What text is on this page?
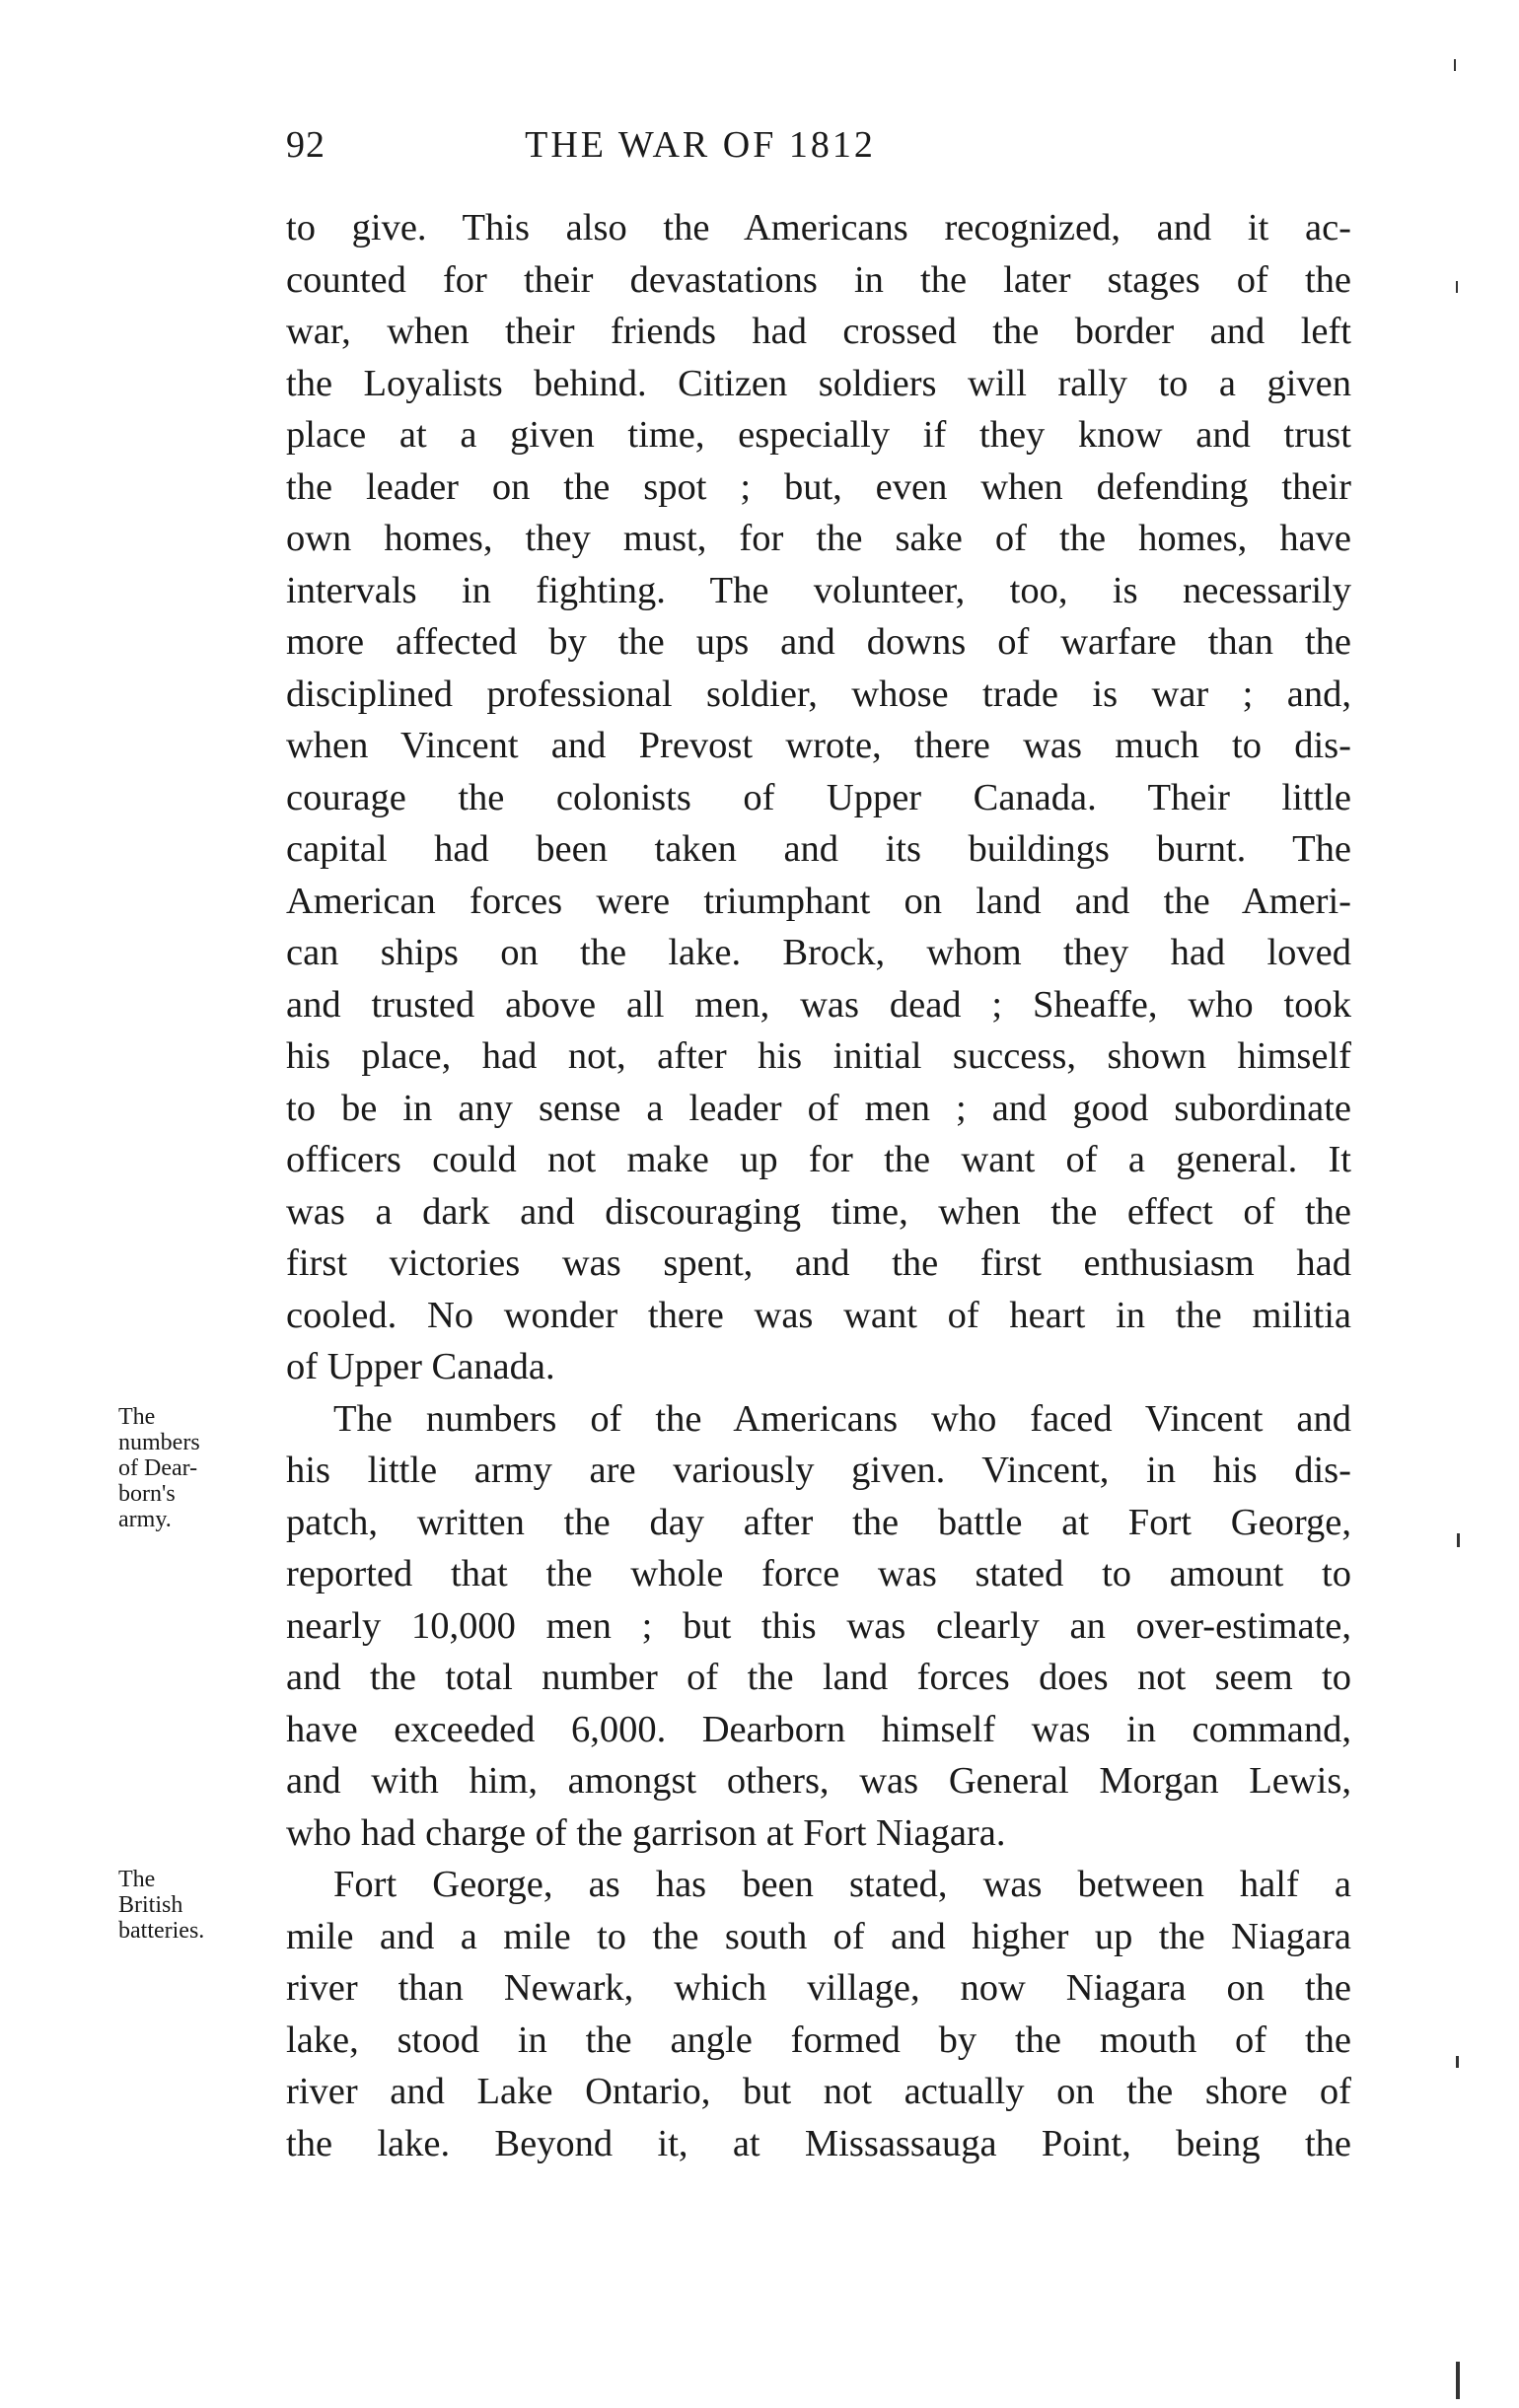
92	THE WAR OF 1812
to give. This also the Americans recognized, and it ac-
counted for their devastations in the later stages of the
war, when their friends had crossed the border and left
the Loyalists behind. Citizen soldiers will rally to a given
place at a given time, especially if they know and trust
the leader on the spot ; but, even when defending their
own homes, they must, for the sake of the homes, have
intervals in fighting. The volunteer, too, is necessarily
more affected by the ups and downs of warfare than the
disciplined professional soldier, whose trade is war ; and,
when Vincent and Prevost wrote, there was much to dis-
courage the colonists of Upper Canada. Their little
capital had been taken and its buildings burnt. The
American forces were triumphant on land and the Ameri-
can ships on the lake. Brock, whom they had loved
and trusted above all men, was dead ; Sheaffe, who took
his place, had not, after his initial success, shown himself
to be in any sense a leader of men ; and good subordinate
officers could not make up for the want of a general. It
was a dark and discouraging time, when the effect of the
first victories was spent, and the first enthusiasm had
cooled. No wonder there was want of heart in the militia
of Upper Canada.
The numbers of the Americans who faced Vincent and
his little army are variously given. Vincent, in his dis-
patch, written the day after the battle at Fort George,
reported that the whole force was stated to amount to
nearly 10,000 men ; but this was clearly an over-estimate,
and the total number of the land forces does not seem to
have exceeded 6,000. Dearborn himself was in command,
and with him, amongst others, was General Morgan Lewis,
who had charge of the garrison at Fort Niagara.
Fort George, as has been stated, was between half a
mile and a mile to the south of and higher up the Niagara
river than Newark, which village, now Niagara on the
lake, stood in the angle formed by the mouth of the
river and Lake Ontario, but not actually on the shore of
the lake. Beyond it, at Missassauga Point, being the
The
numbers
of Dear-
born's
army.
The
British
batteries.
